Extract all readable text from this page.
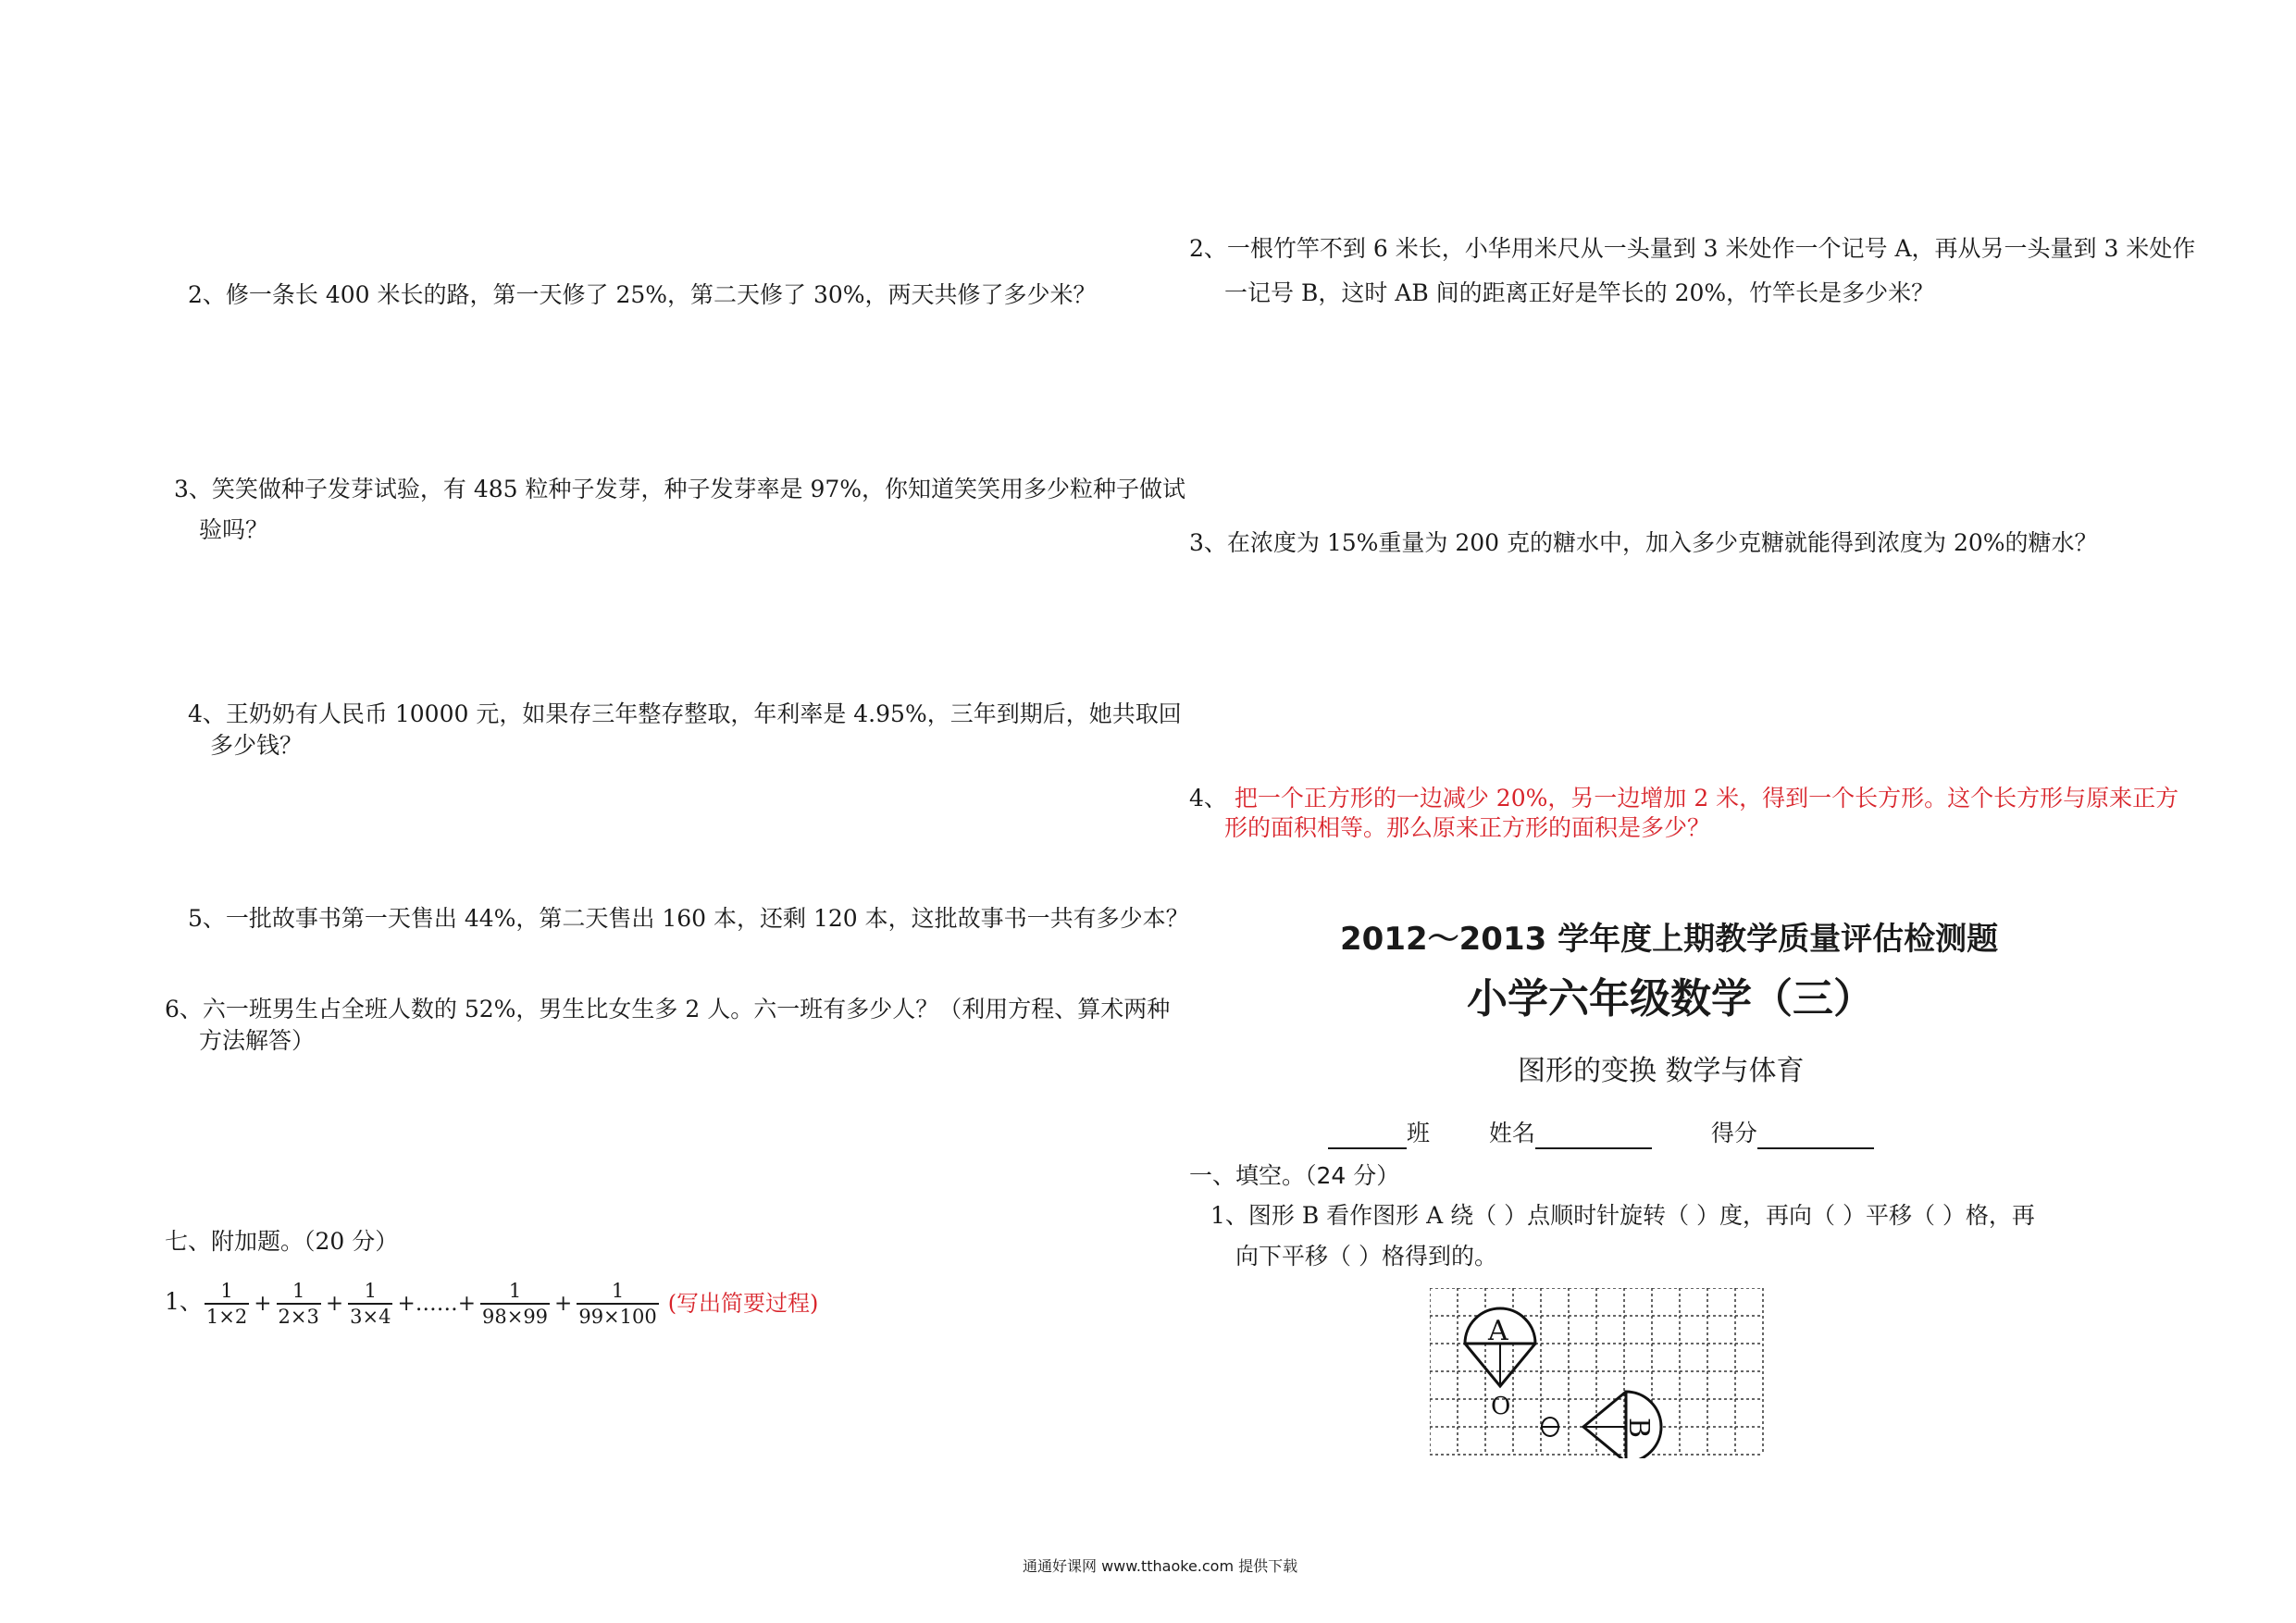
2、修一条长 400 米长的路，第一天修了 25%，第二天修了 30%，两天共修了多少米？
3、笑笑做种子发芽试验，有 485 粒种子发芽，种子发芽率是 97%，你知道笑笑用多少粒种子做试
验吗？
4、王奶奶有人民币 10000 元，如果存三年整存整取，年利率是 4.95%，三年到期后，她共取回
多少钱？
5、一批故事书第一天售出 44%，第二天售出 160 本，还剩 120 本，这批故事书一共有多少本？
6、六一班男生占全班人数的 52%，男生比女生多 2 人。六一班有多少人？（利用方程、算术两种
方法解答）
七、附加题。（20 分）
1、 $\frac{1}{1\times 2} + \frac{1}{2\times 3} + \frac{1}{3\times 4}$ +……+ $\frac{1}{98\times 99} + \frac{1}{99\times 100}$ (写出简要过程)
2、一根竹竿不到 6 米长，小华用米尺从一头量到 3 米处作一个记号 A，再从另一头量到 3 米处作
一记号 B，这时 AB 间的距离正好是竿长的 20%，竹竿长是多少米？
3、在浓度为 15%重量为 200 克的糖水中，加入多少克糖就能得到浓度为 20%的糖水？
4、 把一个正方形的一边减少 20%，另一边增加 2 米，得到一个长方形。这个长方形与原来正方
形的面积相等。那么原来正方形的面积是多少？
2012～2013 学年度上期教学质量评估检测题
小学六年级数学（三）
图形的变换 数学与体育
班	姓名	得分
一、填空。（24 分）
1、图形 B 看作图形 A 绕（ ）点顺时针旋转（ ）度，再向（ ）平移（ ）格，再
向下平移（ ）格得到的。
A
O
B
通通好课网 www.tthaoke.com 提供下载
